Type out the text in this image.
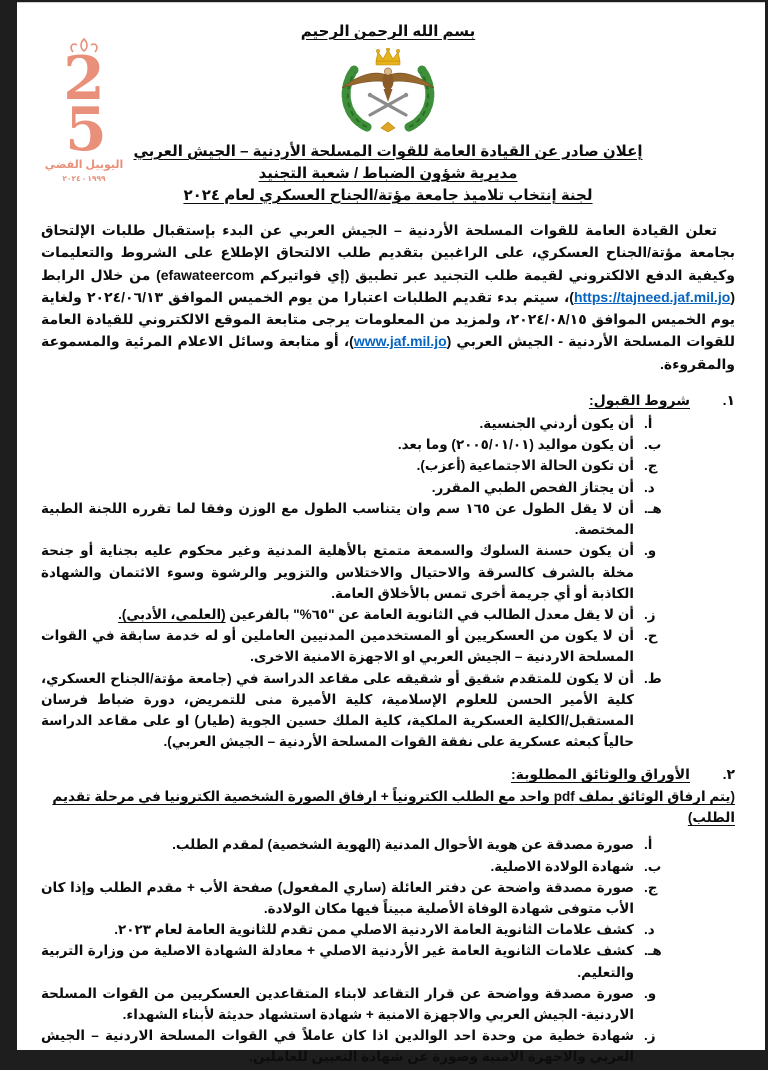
بسم الله الرحمن الرحيم
2
5
اليوبيل الفضي
١٩٩٩ - ٢٠٢٤
إعلان صادر عن القيادة العامة للقوات المسلحة الأردنية – الجيش العربي
مديرية شؤون الضباط / شعبة التجنيد
لجنة إنتخاب تلاميذ جامعة مؤتة/الجناح العسكري لعام ٢٠٢٤

تعلن القيادة العامة للقوات المسلحة الأردنية – الجيش العربي عن البدء بإستقبال طلبات الإلتحاق بجامعة مؤتة/الجناح العسكري، على الراغبين بتقديم طلب الالتحاق الإطلاع على الشروط والتعليمات وكيفية الدفع الالكتروني لقيمة طلب التجنيد عبر تطبيق (إي فواتيركم efawateercom) من خلال الرابط (https://tajneed.jaf.mil.jo)، سيتم بدء تقديم الطلبات اعتبارا من يوم الخميس الموافق ٢٠٢٤/٠٦/١٣ ولغاية يوم الخميس الموافق ٢٠٢٤/٠٨/١٥، ولمزيد من المعلومات يرجى متابعة الموقع الالكتروني للقيادة العامة للقوات المسلحة الأردنية - الجيش العربي (www.jaf.mil.jo)، أو متابعة وسائل الاعلام المرئية والمسموعة والمقروءة.

١.
شروط القبول:
أ.
أن يكون أردني الجنسية.
ب.
أن يكون مواليد (٢٠٠٥/٠١/٠١) وما بعد.
ج.
أن تكون الحالة الاجتماعية (أعزب).
د.
أن يجتاز الفحص الطبي المقرر.
هـ.
أن لا يقل الطول عن ١٦٥ سم وان يتناسب الطول مع الوزن وفقا لما تقرره اللجنة الطبية المختصة.
و.
أن يكون حسنة السلوك والسمعة متمتع بالأهلية المدنية وغير محكوم عليه بجناية أو جنحة مخلة بالشرف كالسرقة والاحتيال والاختلاس والتزوير والرشوة وسوء الائتمان والشهادة الكاذبة أو أي جريمة أخرى تمس بالأخلاق العامة.
ز.
أن لا يقل معدل الطالب في الثانوية العامة عن "٦٥%" بالفرعين (العلمي، الأدبي).
ح.
أن لا يكون من العسكريين أو المستخدمين المدنيين العاملين أو له خدمة سابقة في القوات المسلحة الاردنية – الجيش العربي او الاجهزة الامنية الاخرى.
ط.
أن لا يكون للمتقدم شقيق أو شقيقه على مقاعد الدراسة في (جامعة مؤتة/الجناح العسكري، كلية الأمير الحسن للعلوم الإسلامية، كلية الأميرة منى للتمريض، دورة ضباط فرسان المستقبل/الكلية العسكرية الملكية، كلية الملك حسين الجوية (طيار) او على مقاعد الدراسة حالياً كبعثه عسكرية على نفقة القوات المسلحة الأردنية – الجيش العربي).
٢.
الأوراق والوثائق المطلوبة:

(يتم ارفاق الوثائق بملف pdf واحد مع الطلب الكترونياً + ارفاق الصورة الشخصية الكترونيا في مرحلة تقديم الطلب)

أ.
صورة مصدقة عن هوية الأحوال المدنية (الهوية الشخصية) لمقدم الطلب.
ب.
شهادة الولادة الاصلية.
ج.
صورة مصدقة واضحة عن دفتر العائلة (ساري المفعول) صفحة الأب + مقدم الطلب وإذا كان الأب متوفى شهادة الوفاة الأصلية مبيناً فيها مكان الولادة.
د.
كشف علامات الثانوية العامة الاردنية الاصلي ممن تقدم للثانوية العامة لعام ٢٠٢٣.
هـ.
كشف علامات الثانوية العامة غير الأردنية الاصلي + معادلة الشهادة الاصلية من وزارة التربية والتعليم.
و.
صورة مصدقة وواضحة عن قرار التقاعد لابناء المتقاعدين العسكريين من القوات المسلحة الاردنية- الجيش العربي والاجهزة الامنية + شهادة استشهاد حديثة لأبناء الشهداء.
ز.
شهادة خطية من وحدة احد الوالدين اذا كان عاملاً في القوات المسلحة الاردنية – الجيش العربي والاجهزة الامنية وصورة عن شهادة التعيين للعاملين.
